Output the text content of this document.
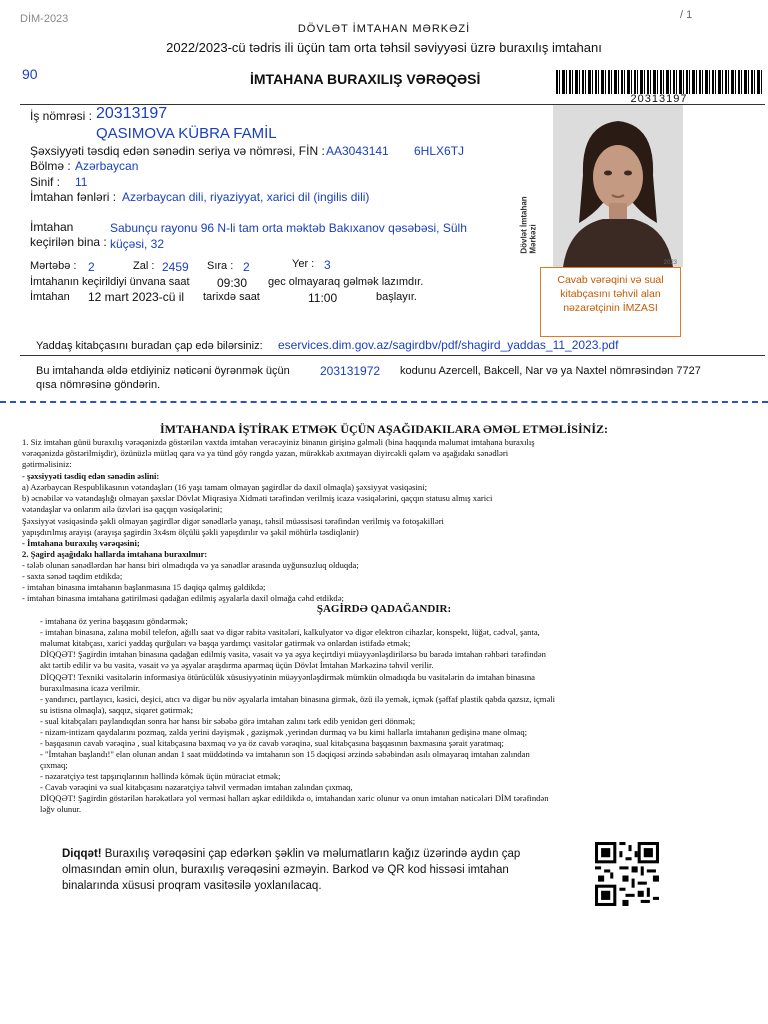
DİM-2023	/ 1
DÖVLƏT İMTAHAN MƏRKƏZİ
2022/2023-cü tədris ili üçün tam orta təhsil səviyyəsi üzrə buraxılış imtahanı
90	İMTAHANA BURAXILIŞ VƏRƏQƏSİ
20313197
İş nömrəsi : 20313197
QASIMOVA KÜBRA FAMİL
Şəxsiyyəti təsdiq edən sənədin seriya və nömrəsi, FİN : AA3043141 6HLX6TJ
Bölmə : Azərbaycan
Sinif : 11
İmtahan fənləri : Azərbaycan dili, riyaziyyat, xarici dil (ingilis dili)
İmtahan
keçirilən bina :
Sabunçu rayonu 96 N-li tam orta məktəb Bakıxanov qəsəbəsi, Sülh
küçəsi, 32
Mərtəbə : 2	Zal : 2459 Sıra : 2	Yer : 3
İmtahanın keçirildiyi ünvana saat 09:30 gec olmayaraq gəlmək lazımdır.
İmtahan 12 mart 2023-cü il tarixdə saat	11:00	başlayır.
Dövlət İmtahan Mərkəzi
2023
Cavab vərəqini və sual kitabçasını təhvil alan nəzarətçinin İMZASI
Yaddaş kitabçasını buradan çap edə bilərsiniz: eservices.dim.gov.az/sagirdbv/pdf/shagird_yaddas_11_2023.pdf
Bu imtahanda əldə etdiyiniz nəticəni öyrənmək üçün	203131972 kodunu Azercell, Bakcell, Nar və ya Naxtel nömrəsindən 7727
qısa nömrəsinə göndərin.
İMTAHANDA İŞTİRAK ETMƏK ÜÇÜN AŞAĞIDAKILARA ƏMƏL ETMƏLİSİNİZ:
1. Siz imtahan günü buraxılış vərəqənizdə göstərilən vaxtda imtahan verəcəyiniz binanın girişinə gəlməli (bina haqqında məlumat imtahana buraxılış
vərəqənizdə göstərilmişdir), özünüzlə mütləq qara və ya tünd göy rəngdə yazan, mürəkkəb axıtmayan diyircəkli qələm və aşağıdakı sənədləri
gətirməlisiniz:
- şəxsiyyəti təsdiq edən sənədin əslini:
a) Azərbaycan Respublikasının vətəndaşları (16 yaşı tamam olmayan şagirdlər də daxil olmaqla) şəxsiyyət vəsiqəsini;
b) əcnəbilər və vətəndaşlığı olmayan şəxslər Dövlət Miqrasiya Xidməti tərəfindən verilmiş icazə vəsiqələrini, qaçqın statusu almış xarici
vətəndaşlar və onlarım ailə üzvləri isə qaçqın vəsiqələrini;
Şəxsiyyət vəsiqəsində şəkli olmayan şagirdlər digər sənədlərlə yanaşı, təhsil müəssisəsi tərəfindən verilmiş və fotoşəkilləri
yapışdırılmış arayışı (arayışa şagirdin 3x4sm ölçülü şəkli yapışdırılır və şəkil möhürlə təsdiqlənir)
- İmtahana buraxılış vərəqəsini;
2. Şagird aşağıdakı hallarda imtahana buraxılmır:
- tələb olunan sənədlərdən hər hansı biri olmadıqda və ya sənədlər arasında uyğunsuzluq olduqda;
- saxta sənəd təqdim etdikdə;
- imtahan binasına imtahanın başlanmasına 15 dəqiqə qalmış gəldikdə;
- imtahan binasına imtahana gətirilməsi qadağan edilmiş əşyalarla daxil olmağa cəhd etdikdə;
ŞAGİRDƏ QADAĞANDIR:
- imtahana öz yerinə başqasını göndərmək;
- imtahan binasına, zalına mobil telefon, ağıllı saat və digər rabitə vasitələri, kalkulyator və digər elektron cihazlar, konspekt, lüğət, cədvəl, şanta,
məlumat kitabçası, xarici yaddaş qurğuları və başqa yardımçı vasitələr gətirmək və onlardan istifadə etmək;
DİQQƏT! Şagirdin imtahan binasına qadağan edilmiş vasitə, vəsait və ya əşya keçirtdiyi müəyyənləşdirilərsə bu barədə imtahan rəhbəri tərəfindən
akt tərtib edilir və bu vasitə, vəsait və ya əşyalar araşdırma aparmaq üçün Dövlət İmtahan Mərkəzinə təhvil verilir.
DİQQƏT! Texniki vasitələrin informasiya ötürücülük xüsusiyyətinin müəyyənləşdirmək mümkün olmadıqda bu vasitələrin də imtahan binasına
buraxılmasına icazə verilmir.
- yandırıcı, partlayıcı, kəsici, deşici, atıcı və digər bu növ əşyalarla imtahan binasına girmək, özü ilə yemək, içmək (şəffaf plastik qabda qazsız, içməli
su istisna olmaqla), saqqız, siqaret gətirmək;
- sual kitabçaları paylandıqdan sonra hər hansı bir səbəbə görə imtahan zalını tərk edib yenidən geri dönmək;
- nizam-intizam qaydalarını pozmaq, zalda yerini dəyişmək , gəzişmək ,yerindən durmaq və bu kimi hallarla imtahanın gedişinə mane olmaq;
- başqasının cavab vərəqinə , sual kitabçasına baxmaq və ya öz cavab vərəqinə, sual kitabçasına başqasının baxmasına şərait yaratmaq;
- "İmtahan başlandı!" elan olunan andan 1 saat müddətində və imtahanın son 15 dəqiqəsi ərzində səbəbindən asılı olmayaraq imtahan zalından
çıxmaq;
- nəzarətçiyə test tapşırıqlarının həllində kömək üçün müraciət etmək;
- Cavab vərəqini və sual kitabçasını nəzarətçiyə təhvil vermədən imtahan zalından çıxmaq,
DİQQƏT! Şagirdin göstərilən hərəkətlərə yol verməsi halları aşkar edildikdə o, imtahandan xaric olunur və onun imtahan nəticələri DİM tərəfindən
ləğv olunur.
Diqqət! Buraxılış vərəqəsini çap edərkən şəklin və məlumatların kağız üzərində aydın çap
olmasından əmin olun, buraxılış vərəqəsini əzməyin. Barkod və QR kod hissəsi imtahan
binalarında xüsusi proqram vasitəsilə yoxlanılacaq.
